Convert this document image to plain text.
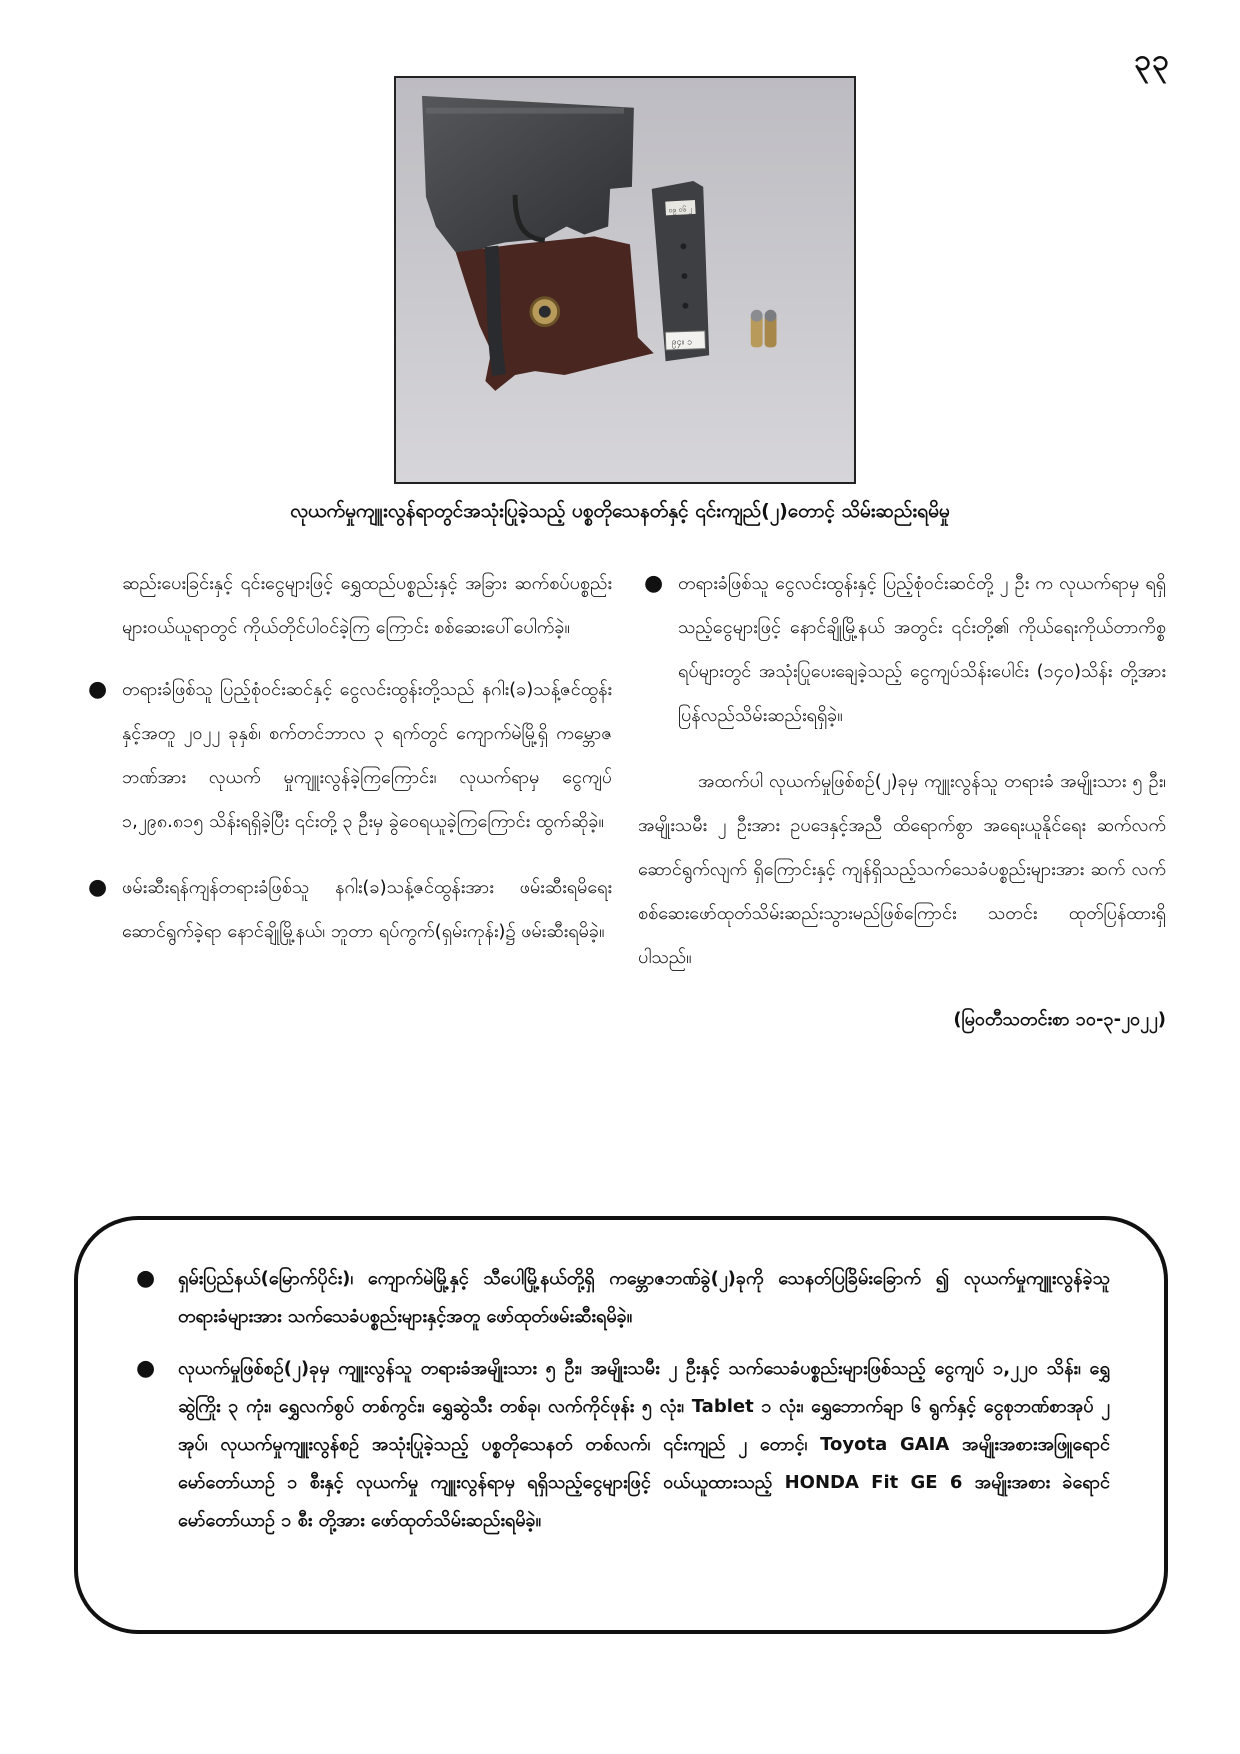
၃၃
ဝ၉ ဝ၆ ၂
၉၄။ ၁
လုယက်မှုကျူးလွန်ရာတွင်အသုံးပြုခဲ့သည့် ပစ္စတိုသေနတ်နှင့် ၎င်းကျည်(၂)တောင့် သိမ်းဆည်းရမိမှု

ဆည်းပေးခြင်းနှင့် ၎င်းငွေများဖြင့် ရွှေထည်ပစ္စည်းနှင့် အခြား ဆက်စပ်ပစ္စည်းများဝယ်ယူရာတွင် ကိုယ်တိုင်ပါဝင်ခဲ့ကြ ကြောင်း စစ်ဆေးပေါ်ပေါက်ခဲ့။

● တရားခံဖြစ်သူ ပြည့်စုံဝင်းဆင်နှင့် ငွေလင်းထွန်းတို့သည် နဂါး(ခ)သန့်ဇင်ထွန်းနှင့်အတူ ၂၀၂၂ ခုနှစ်၊ စက်တင်ဘာလ ၃ ရက်တွင် ကျောက်မဲမြို့ရှိ ကမ္ဘောဇဘဏ်အား လုယက် မှုကျူးလွန်ခဲ့ကြကြောင်း၊ လုယက်ရာမှ ငွေကျပ် ၁,၂၉၈.၈၁၅ သိန်းရရှိခဲ့ပြီး ၎င်းတို့ ၃ ဦးမှ ခွဲဝေရယူခဲ့ကြကြောင်း ထွက်ဆိုခဲ့။
● ဖမ်းဆီးရန်ကျန်တရားခံဖြစ်သူ နဂါး(ခ)သန့်ဇင်ထွန်းအား ဖမ်းဆီးရမိရေးဆောင်ရွက်ခဲ့ရာ နောင်ချိုမြို့နယ်၊ ဘူတာ ရပ်ကွက်(ရှမ်းကုန်း)၌ ဖမ်းဆီးရမိခဲ့။
● တရားခံဖြစ်သူ ငွေလင်းထွန်းနှင့် ပြည့်စုံဝင်းဆင်တို့ ၂ ဦး က လုယက်ရာမှ ရရှိသည့်ငွေများဖြင့် နောင်ချိုမြို့နယ် အတွင်း ၎င်းတို့၏ ကိုယ်ရေးကိုယ်တာကိစ္စရပ်များတွင် အသုံးပြုပေးချေခဲ့သည့် ငွေကျပ်သိန်းပေါင်း (၁၄၀)သိန်း တို့အား ပြန်လည်သိမ်းဆည်းရရှိခဲ့။

အထက်ပါ လုယက်မှုဖြစ်စဉ်(၂)ခုမှ ကျူးလွန်သူ တရားခံ အမျိုးသား ၅ ဦး၊ အမျိုးသမီး ၂ ဦးအား ဥပဒေနှင့်အညီ ထိရောက်စွာ အရေးယူနိုင်ရေး ဆက်လက်ဆောင်ရွက်လျက် ရှိကြောင်းနှင့် ကျန်ရှိသည့်သက်သေခံပစ္စည်းများအား ဆက် လက်စစ်ဆေးဖော်ထုတ်သိမ်းဆည်းသွားမည်ဖြစ်ကြောင်း သတင်း ထုတ်ပြန်ထားရှိပါသည်။

(မြဝတီသတင်းစာ ၁၀-၃-၂၀၂၂)
● ရှမ်းပြည်နယ်(မြောက်ပိုင်း)၊ ကျောက်မဲမြို့နှင့် သီပေါမြို့နယ်တို့ရှိ ကမ္ဘောဇဘဏ်ခွဲ(၂)ခုကို သေနတ်ပြခြိမ်းခြောက် ၍ လုယက်မှုကျူးလွန်ခဲ့သူ တရားခံများအား သက်သေခံပစ္စည်းများနှင့်အတူ ဖော်ထုတ်ဖမ်းဆီးရမိခဲ့။
● လုယက်မှုဖြစ်စဉ်(၂)ခုမှ ကျူးလွန်သူ တရားခံအမျိုးသား ၅ ဦး၊ အမျိုးသမီး ၂ ဦးနှင့် သက်သေခံပစ္စည်းများဖြစ်သည့် ငွေကျပ် ၁,၂၂၀ သိန်း၊ ရွှေဆွဲကြိုး ၃ ကုံး၊ ရွှေလက်စွပ် တစ်ကွင်း၊ ရွှေဆွဲသီး တစ်ခု၊ လက်ကိုင်ဖုန်း ၅ လုံး၊ Tablet ၁ လုံး၊ ရွှေဘောက်ချာ ၆ ရွက်နှင့် ငွေစုဘဏ်စာအုပ် ၂ အုပ်၊ လုယက်မှုကျူးလွန်စဉ် အသုံးပြုခဲ့သည့် ပစ္စတိုသေနတ် တစ်လက်၊ ၎င်းကျည် ၂ တောင့်၊ Toyota GAIA အမျိုးအစားအဖြူရောင်မော်တော်ယာဉ် ၁ စီးနှင့် လုယက်မှု ကျူးလွန်ရာမှ ရရှိသည့်ငွေများဖြင့် ဝယ်ယူထားသည့် HONDA Fit GE 6 အမျိုးအစား ခဲရောင် မော်တော်ယာဉ် ၁ စီး တို့အား ဖော်ထုတ်သိမ်းဆည်းရမိခဲ့။
